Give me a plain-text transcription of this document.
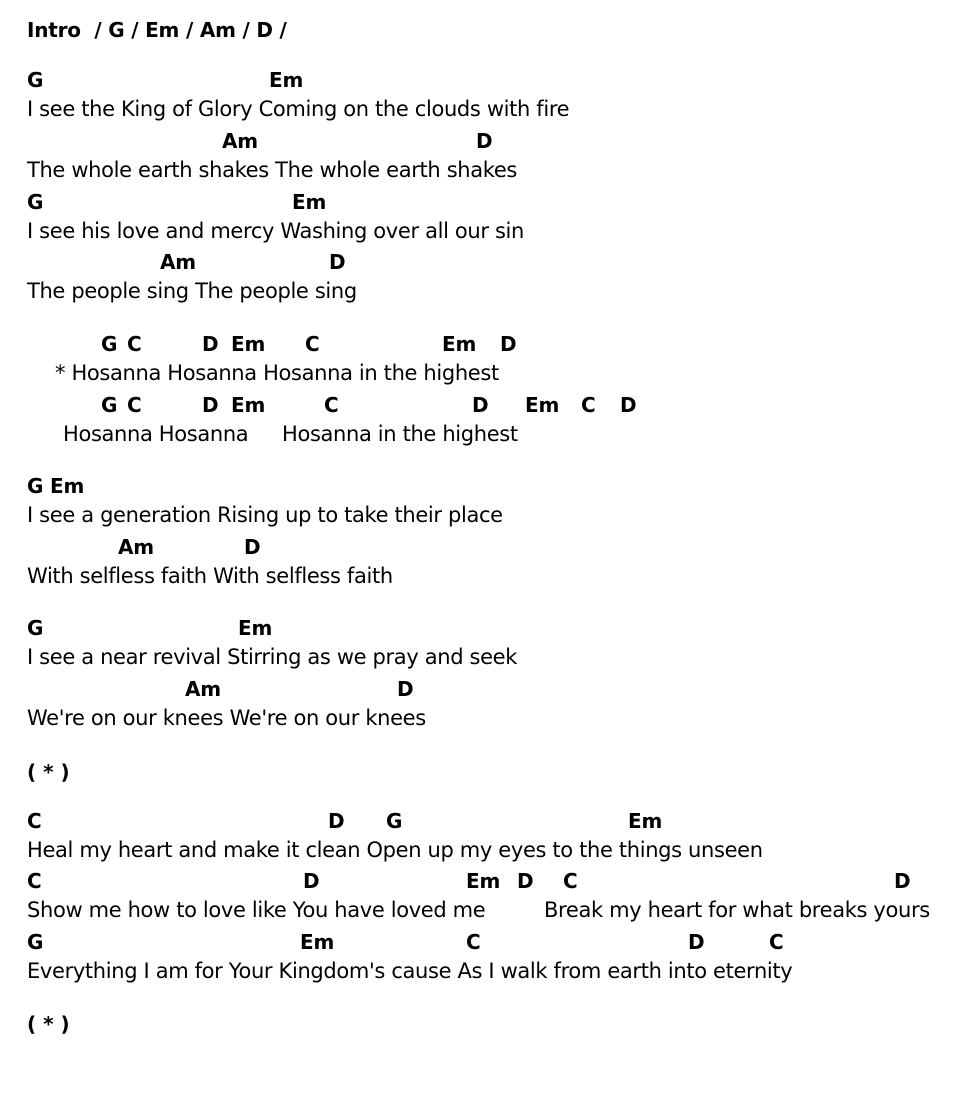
Intro  / G / Em / Am / D /
G	Em
I see the King of Glory Coming on the clouds with fire
Am	D
The whole earth shakes The whole earth shakes
G	Em
I see his love and mercy Washing over all our sin
Am	D
The people sing The people sing
G C	D Em C	Em D
* Hosanna Hosanna Hosanna in the highest
G C	D Em	C	D Em C D
Hosanna Hosanna Hosanna in the highest
G Em
I see a generation Rising up to take their place
Am	D
With selfless faith With selfless faith
G	Em
I see a near revival Stirring as we pray and seek
Am	D
We're on our knees We're on our knees
( * )
C	D G	Em
Heal my heart and make it clean Open up my eyes to the things unseen
C	D	Em D C	D
Show me how to love like You have loved me	Break my heart for what breaks yours
G	Em	C	D	C
Everything I am for Your Kingdom's cause As I walk from earth into eternity
( * )
